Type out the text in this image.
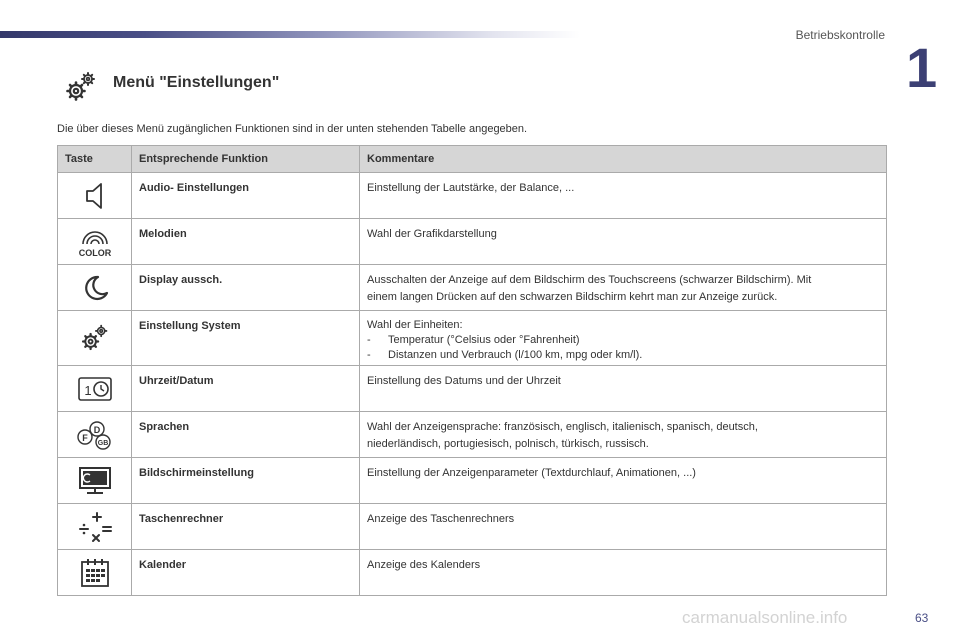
Betriebskontrolle
1
Menü "Einstellungen"
Die über dieses Menü zugänglichen Funktionen sind in der unten stehenden Tabelle angegeben.
Taste	Entsprechende Funktion	Kommentare

	Audio- Einstellungen	Einstellung der Lautstärke, der Balance, ...

COLOR	Melodien	Wahl der Grafikdarstellung

	Display aussch.	Ausschalten der Anzeige auf dem Bildschirm des Touchscreens (schwarzer Bildschirm). Mit
einem langen Drücken auf den schwarzen Bildschirm kehrt man zur Anzeige zurück.

	Einstellung System	Wahl der Einheiten:
- Temperatur (°Celsius oder °Fahrenheit)
- Distanzen und Verbrauch (l/100 km, mpg oder km/l).

1	Uhrzeit/Datum	Einstellung des Datums und der Uhrzeit

D
F
GB	Sprachen	Wahl der Anzeigensprache: französisch, englisch, italienisch, spanisch, deutsch,
niederländisch, portugiesisch, polnisch, türkisch, russisch.

	Bildschirmeinstellung	Einstellung der Anzeigenparameter (Textdurchlauf, Animationen, ...)

	Taschenrechner	Anzeige des Taschenrechners

	Kalender	Anzeige des Kalenders
carmanualsonline.info	63
